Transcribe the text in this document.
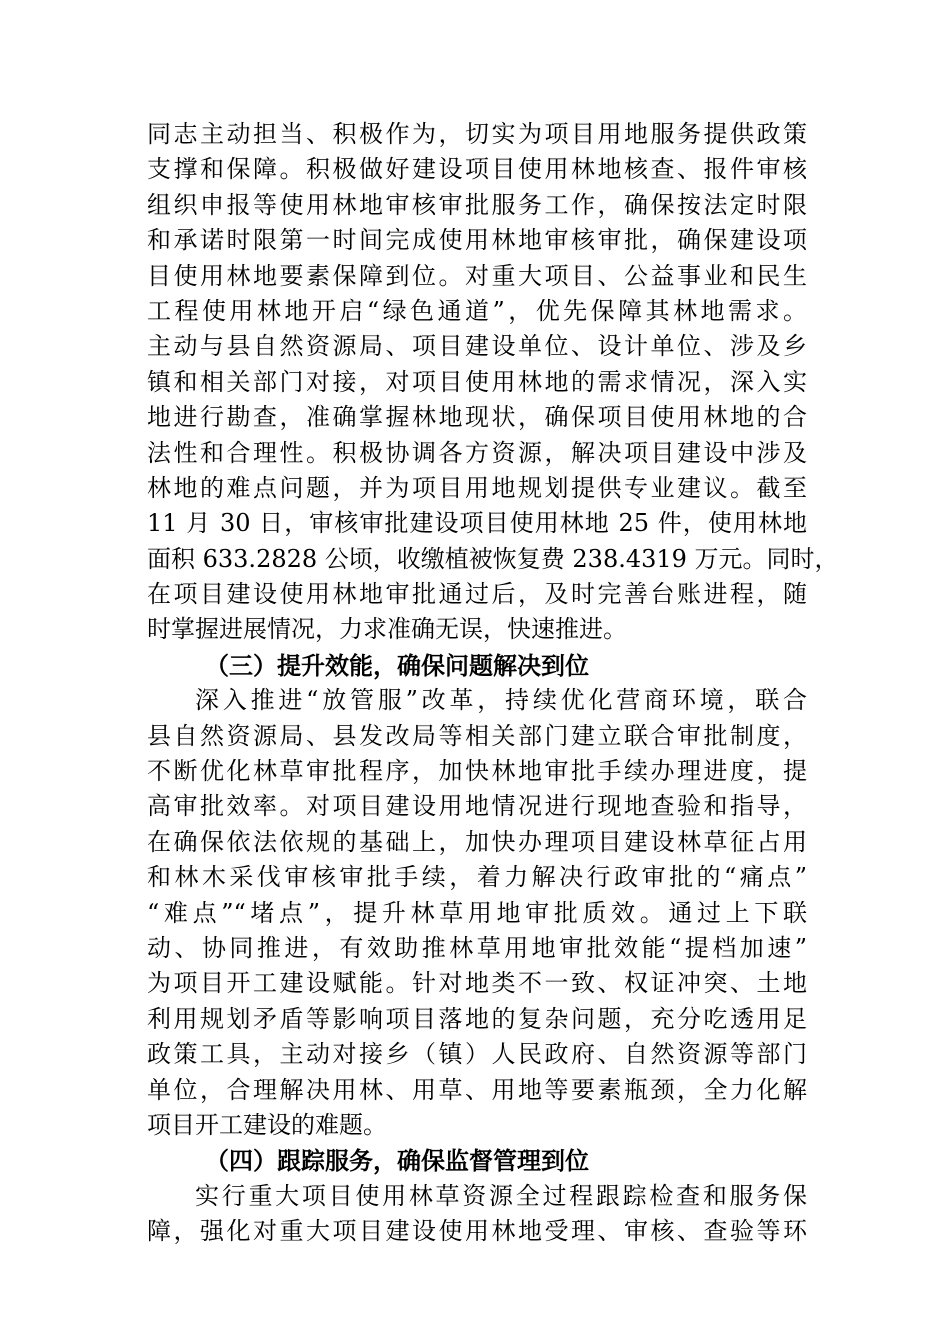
同志主动担当、积极作为，切实为项目用地服务提供政策
支撑和保障。积极做好建设项目使用林地核查、报件审核
组织申报等使用林地审核审批服务工作，确保按法定时限
和承诺时限第一时间完成使用林地审核审批，确保建设项
目使用林地要素保障到位。对重大项目、公益事业和民生
工程使用林地开启“绿色通道”，优先保障其林地需求。
主动与县自然资源局、项目建设单位、设计单位、涉及乡
镇和相关部门对接，对项目使用林地的需求情况，深入实
地进行勘查，准确掌握林地现状，确保项目使用林地的合
法性和合理性。积极协调各方资源，解决项目建设中涉及
林地的难点问题，并为项目用地规划提供专业建议。截至
11 月 30 日，审核审批建设项目使用林地 25 件，使用林地
面积 633.2828 公顷，收缴植被恢复费 238.4319 万元。同时，
在项目建设使用林地审批通过后，及时完善台账进程，随
时掌握进展情况，力求准确无误，快速推进。
（三）提升效能，确保问题解决到位
深入推进“放管服”改革，持续优化营商环境，联合
县自然资源局、县发改局等相关部门建立联合审批制度，
不断优化林草审批程序，加快林地审批手续办理进度，提
高审批效率。对项目建设用地情况进行现地查验和指导，
在确保依法依规的基础上，加快办理项目建设林草征占用
和林木采伐审核审批手续，着力解决行政审批的“痛点”
“难点”“堵点”，提升林草用地审批质效。通过上下联
动、协同推进，有效助推林草用地审批效能“提档加速”
为项目开工建设赋能。针对地类不一致、权证冲突、土地
利用规划矛盾等影响项目落地的复杂问题，充分吃透用足
政策工具，主动对接乡（镇）人民政府、自然资源等部门
单位，合理解决用林、用草、用地等要素瓶颈，全力化解
项目开工建设的难题。
（四）跟踪服务，确保监督管理到位
实行重大项目使用林草资源全过程跟踪检查和服务保
障，强化对重大项目建设使用林地受理、审核、查验等环
